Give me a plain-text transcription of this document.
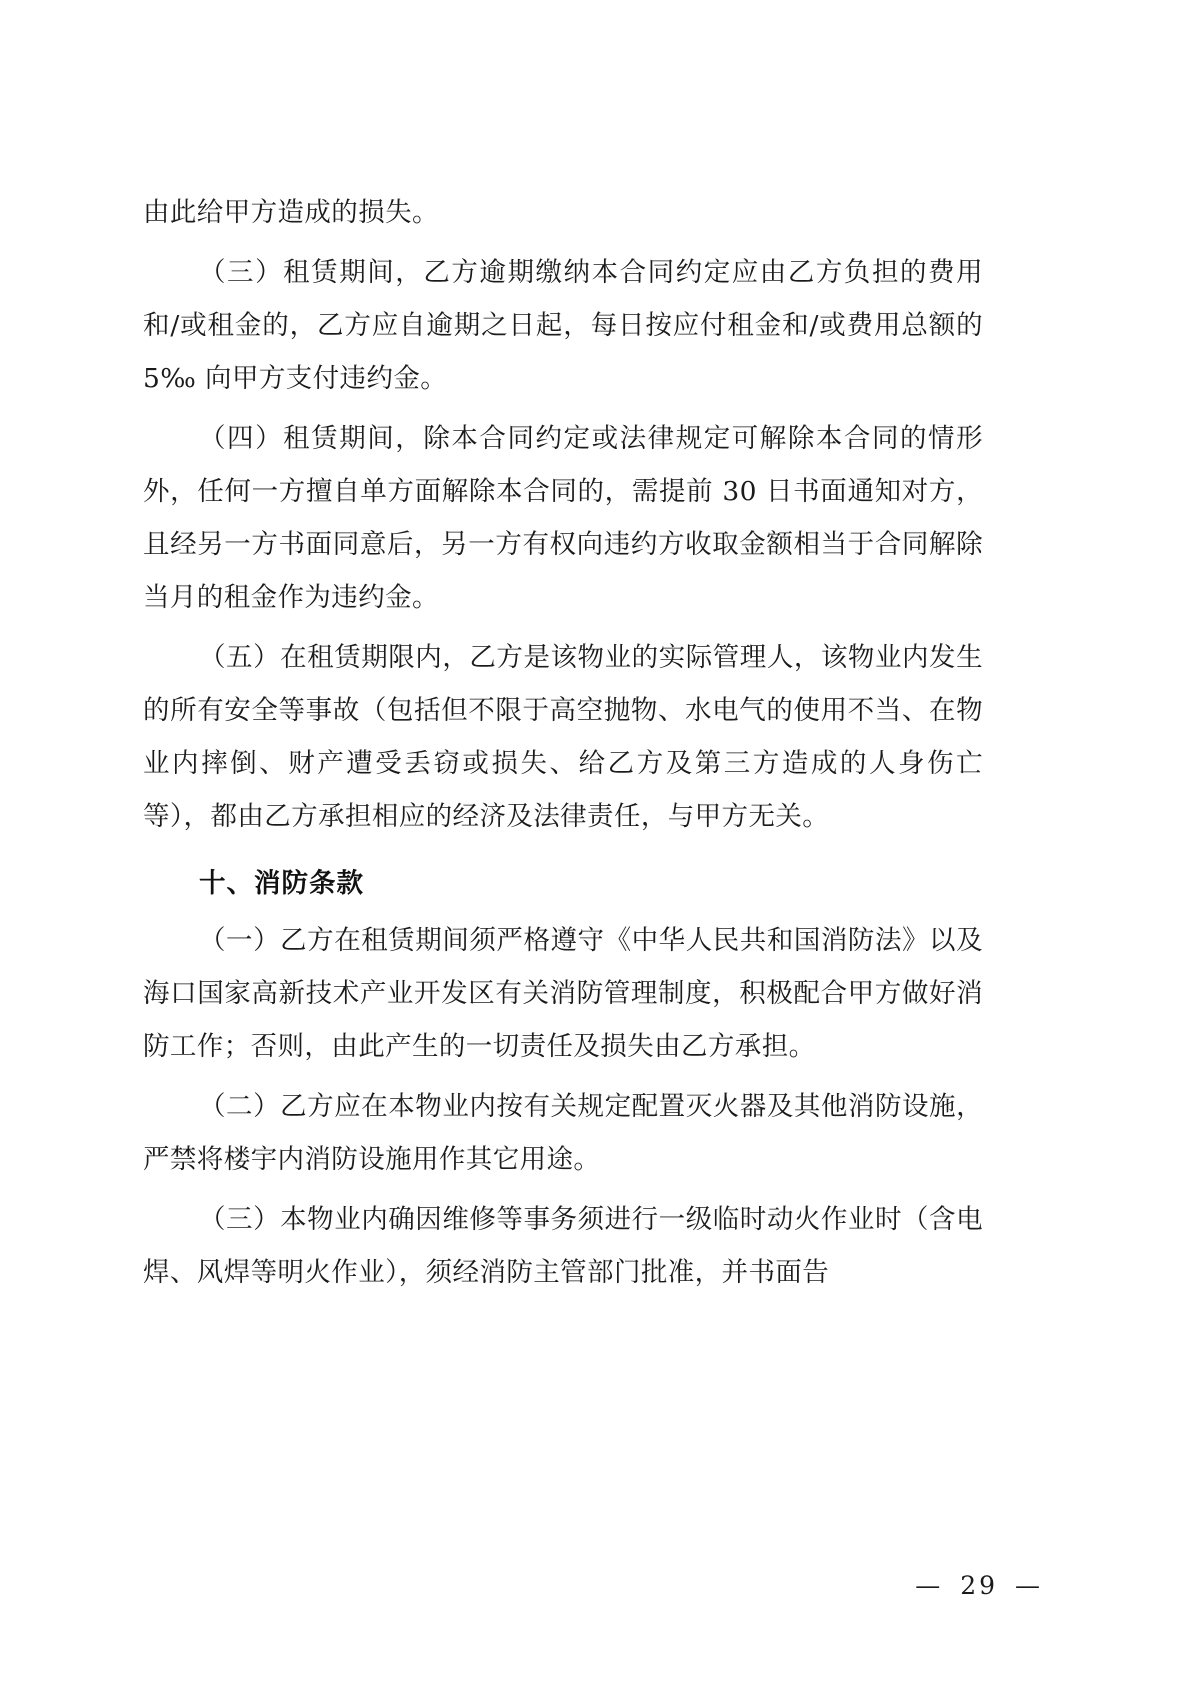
由此给甲方造成的损失。

（三）租赁期间，乙方逾期缴纳本合同约定应由乙方负担的费用和/或租金的，乙方应自逾期之日起，每日按应付租金和/或费用总额的 5‰ 向甲方支付违约金。

（四）租赁期间，除本合同约定或法律规定可解除本合同的情形外，任何一方擅自单方面解除本合同的，需提前 30 日书面通知对方，且经另一方书面同意后，另一方有权向违约方收取金额相当于合同解除当月的租金作为违约金。

（五）在租赁期限内，乙方是该物业的实际管理人，该物业内发生的所有安全等事故（包括但不限于高空抛物、水电气的使用不当、在物业内摔倒、财产遭受丢窃或损失、给乙方及第三方造成的人身伤亡等），都由乙方承担相应的经济及法律责任，与甲方无关。

十、消防条款

（一）乙方在租赁期间须严格遵守《中华人民共和国消防法》以及海口国家高新技术产业开发区有关消防管理制度，积极配合甲方做好消防工作；否则，由此产生的一切责任及损失由乙方承担。

（二）乙方应在本物业内按有关规定配置灭火器及其他消防设施，严禁将楼宇内消防设施用作其它用途。

（三）本物业内确因维修等事务须进行一级临时动火作业时（含电焊、风焊等明火作业），须经消防主管部门批准，并书面告

— 29 —
